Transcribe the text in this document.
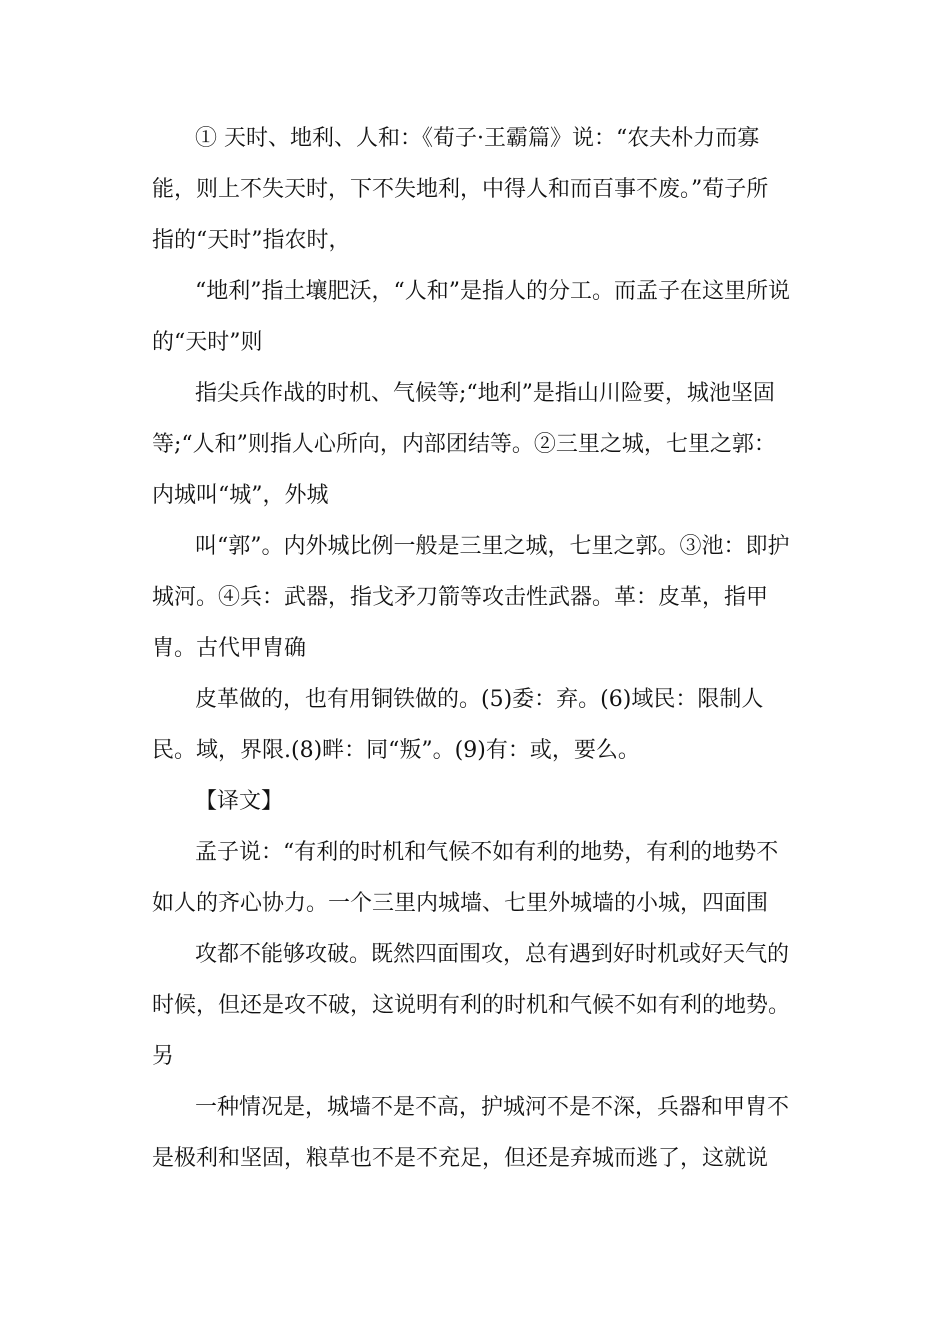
① 天时、地利、人和：《荀子·王霸篇》说：“农夫朴力而寡
能，则上不失天时，下不失地利，中得人和而百事不废。”荀子所
指的“天时”指农时，
“地利”指土壤肥沃，“人和”是指人的分工。而孟子在这里所说
的“天时”则
指尖兵作战的时机、气候等;“地利”是指山川险要，城池坚固
等;“人和”则指人心所向，内部团结等。②三里之城，七里之郭：
内城叫“城”，外城
叫“郭”。内外城比例一般是三里之城，七里之郭。③池：即护
城河。④兵：武器，指戈矛刀箭等攻击性武器。革：皮革，指甲
胄。古代甲胄确
皮革做的，也有用铜铁做的。(5)委：弃。(6)域民：限制人
民。域，界限.(8)畔：同“叛”。(9)有：或，要么。
【译文】
孟子说：“有利的时机和气候不如有利的地势，有利的地势不
如人的齐心协力。一个三里内城墙、七里外城墙的小城，四面围
攻都不能够攻破。既然四面围攻，总有遇到好时机或好天气的
时候，但还是攻不破，这说明有利的时机和气候不如有利的地势。
另
一种情况是，城墙不是不高，护城河不是不深，兵器和甲胄不
是极利和坚固，粮草也不是不充足，但还是弃城而逃了，这就说
